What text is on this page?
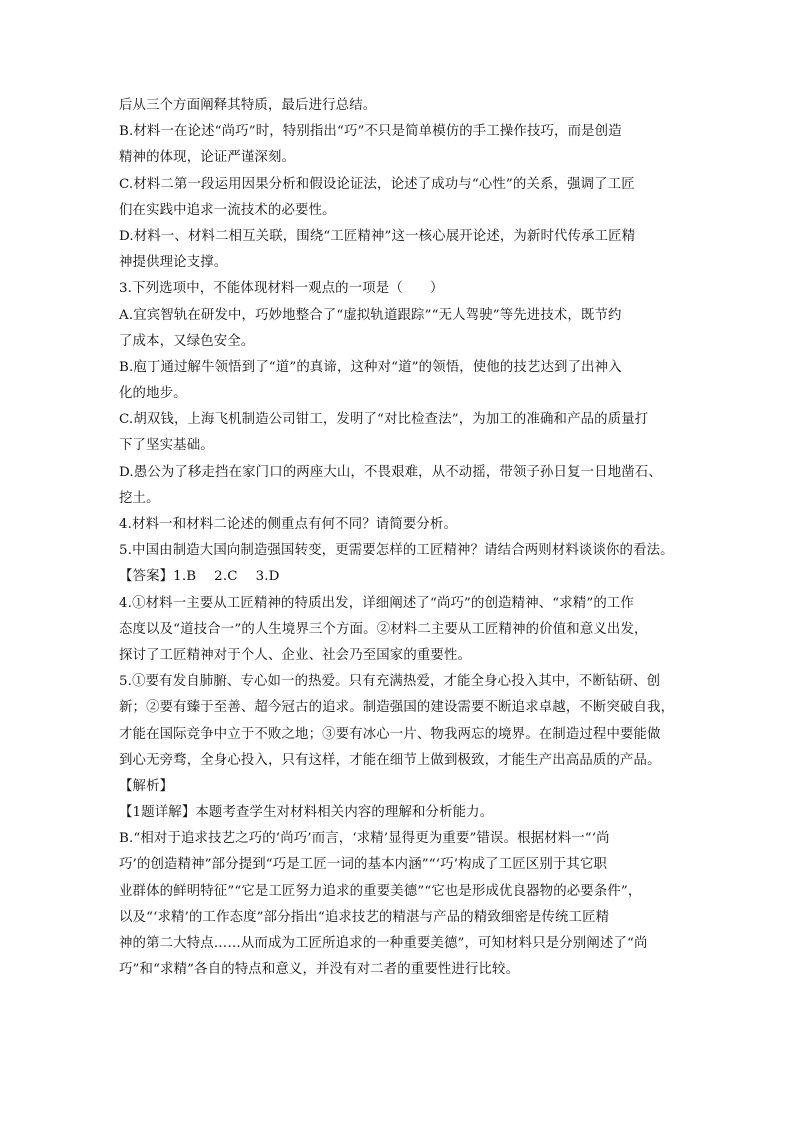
后从三个方面阐释其特质，最后进行总结。
B.材料一在论述“尚巧”时，特别指出“巧”不只是简单模仿的手工操作技巧，而是创造
精神的体现，论证严谨深刻。
C.材料二第一段运用因果分析和假设论证法，论述了成功与“心性”的关系，强调了工匠
们在实践中追求一流技术的必要性。
D.材料一、材料二相互关联，围绕“工匠精神”这一核心展开论述，为新时代传承工匠精
神提供理论支撑。
3.下列选项中，不能体现材料一观点的一项是（　　）
A.宜宾智轨在研发中，巧妙地整合了“虚拟轨道跟踪”“无人驾驶”等先进技术，既节约
了成本，又绿色安全。
B.庖丁通过解牛领悟到了“道”的真谛，这种对“道”的领悟，使他的技艺达到了出神入
化的地步。
C.胡双钱，上海飞机制造公司钳工，发明了“对比检查法”，为加工的准确和产品的质量打
下了坚实基础。
D.愚公为了移走挡在家门口的两座大山，不畏艰难，从不动摇，带领子孙日复一日地凿石、
挖土。
4.材料一和材料二论述的侧重点有何不同？请简要分析。
5.中国由制造大国向制造强国转变，更需要怎样的工匠精神？请结合两则材料谈谈你的看法。
【答案】1.B　 2.C　 3.D
4.①材料一主要从工匠精神的特质出发，详细阐述了“尚巧”的创造精神、“求精”的工作
态度以及“道技合一”的人生境界三个方面。②材料二主要从工匠精神的价值和意义出发，
探讨了工匠精神对于个人、企业、社会乃至国家的重要性。
5.①要有发自肺腑、专心如一的热爱。只有充满热爱，才能全身心投入其中，不断钻研、创
新；②要有臻于至善、超今冠古的追求。制造强国的建设需要不断追求卓越，不断突破自我，
才能在国际竞争中立于不败之地；③要有冰心一片、物我两忘的境界。在制造过程中要能做
到心无旁骛，全身心投入，只有这样，才能在细节上做到极致，才能生产出高品质的产品。
【解析】
【1题详解】本题考查学生对材料相关内容的理解和分析能力。
B.“相对于追求技艺之巧的‘尚巧’而言，‘求精’显得更为重要”错误。根据材料一“‘尚
巧’的创造精神”部分提到“巧是工匠一词的基本内涵”“‘巧’构成了工匠区别于其它职
业群体的鲜明特征”“它是工匠努力追求的重要美德”“它也是形成优良器物的必要条件”，
以及“‘求精’的工作态度”部分指出“追求技艺的精湛与产品的精致细密是传统工匠精
神的第二大特点……从而成为工匠所追求的一种重要美德”，可知材料只是分别阐述了“尚
巧”和“求精”各自的特点和意义，并没有对二者的重要性进行比较。
